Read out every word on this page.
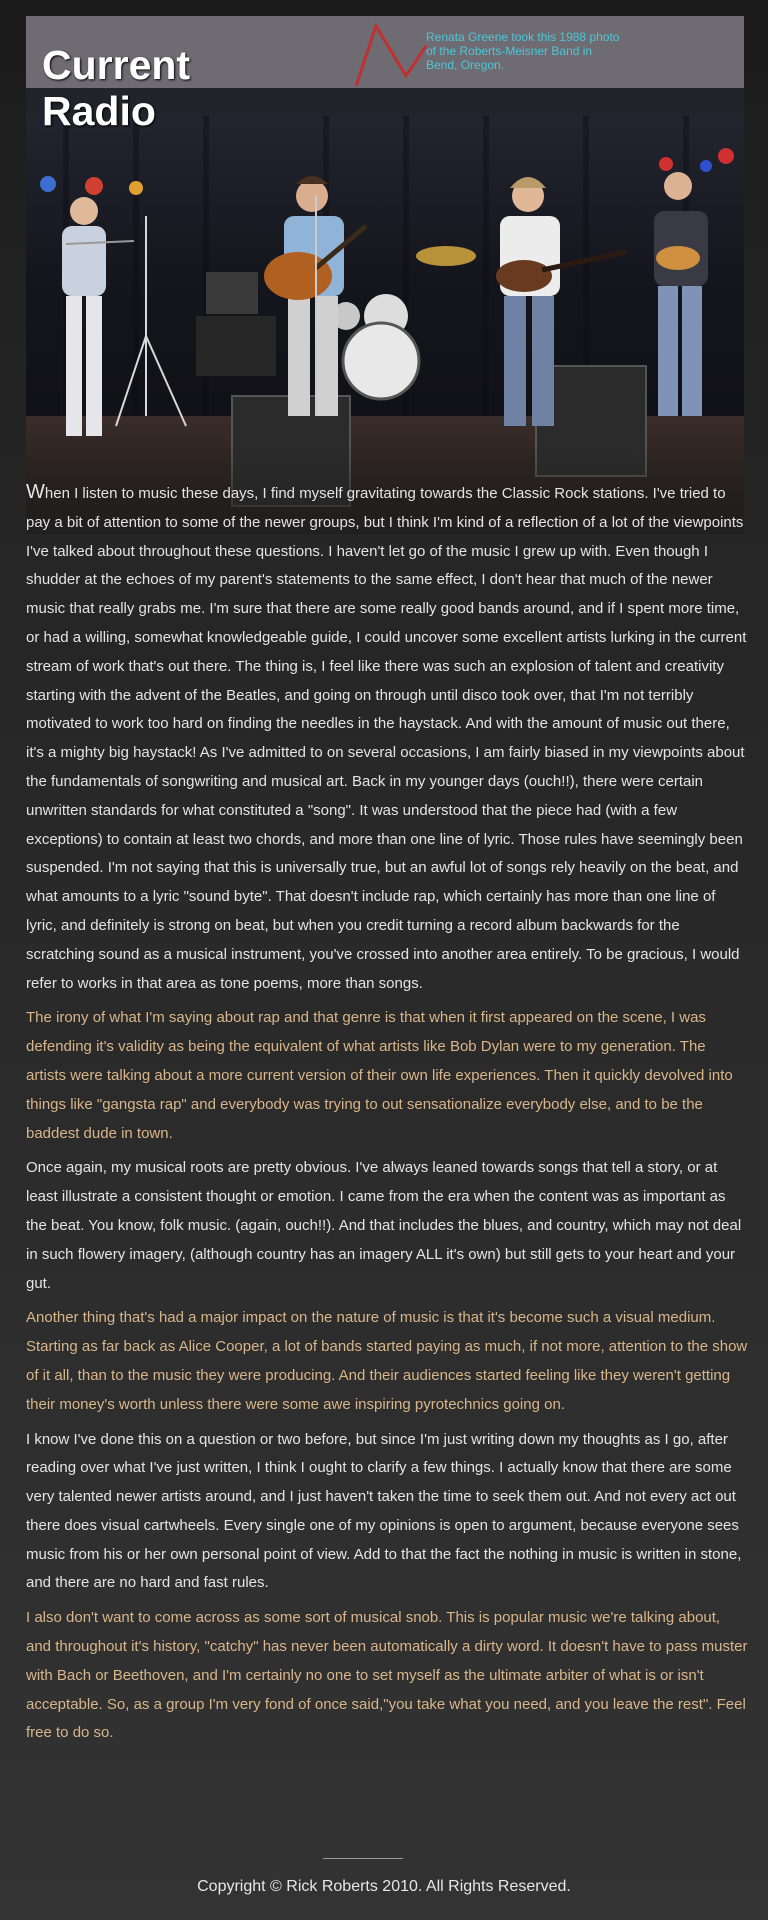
Current Radio

Renata Greene took this 1988 photo of the Roberts-Meisner Band in Bend, Oregon.

When I listen to music these days, I find myself gravitating towards the Classic Rock stations. I've tried to pay a bit of attention to some of the newer groups, but I think I'm kind of a reflection of a lot of the viewpoints I've talked about throughout these questions. I haven't let go of the music I grew up with. Even though I shudder at the echoes of my parent's statements to the same effect, I don't hear that much of the newer music that really grabs me. I'm sure that there are some really good bands around, and if I spent more time, or had a willing, somewhat knowledgeable guide, I could uncover some excellent artists lurking in the current stream of work that's out there. The thing is, I feel like there was such an explosion of talent and creativity starting with the advent of the Beatles, and going on through until disco took over, that I'm not terribly motivated to work too hard on finding the needles in the haystack. And with the amount of music out there, it's a mighty big haystack! As I've admitted to on several occasions, I am fairly biased in my viewpoints about the fundamentals of songwriting and musical art. Back in my younger days (ouch!!), there were certain unwritten standards for what constituted a "song". It was understood that the piece had (with a few exceptions) to contain at least two chords, and more than one line of lyric. Those rules have seemingly been suspended. I'm not saying that this is universally true, but an awful lot of songs rely heavily on the beat, and what amounts to a lyric "sound byte". That doesn't include rap, which certainly has more than one line of lyric, and definitely is strong on beat, but when you credit turning a record album backwards for the scratching sound as a musical instrument, you've crossed into another area entirely. To be gracious, I would refer to works in that area as tone poems, more than songs.

The irony of what I'm saying about rap and that genre is that when it first appeared on the scene, I was defending it's validity as being the equivalent of what artists like Bob Dylan were to my generation. The artists were talking about a more current version of their own life experiences. Then it quickly devolved into things like "gangsta rap" and everybody was trying to out sensationalize everybody else, and to be the baddest dude in town.

Once again, my musical roots are pretty obvious. I've always leaned towards songs that tell a story, or at least illustrate a consistent thought or emotion. I came from the era when the content was as important as the beat. You know, folk music. (again, ouch!!). And that includes the blues, and country, which may not deal in such flowery imagery, (although country has an imagery ALL it's own) but still gets to your heart and your gut.

Another thing that's had a major impact on the nature of music is that it's become such a visual medium. Starting as far back as Alice Cooper, a lot of bands started paying as much, if not more, attention to the show of it all, than to the music they were producing. And their audiences started feeling like they weren't getting their money's worth unless there were some awe inspiring pyrotechnics going on.

I know I've done this on a question or two before, but since I'm just writing down my thoughts as I go, after reading over what I've just written, I think I ought to clarify a few things. I actually know that there are some very talented newer artists around, and I just haven't taken the time to seek them out. And not every act out there does visual cartwheels. Every single one of my opinions is open to argument, because everyone sees music from his or her own personal point of view. Add to that the fact the nothing in music is written in stone, and there are no hard and fast rules.

I also don't want to come across as some sort of musical snob. This is popular music we're talking about, and throughout it's history, "catchy" has never been automatically a dirty word. It doesn't have to pass muster with Bach or Beethoven, and I'm certainly no one to set myself as the ultimate arbiter of what is or isn't acceptable. So, as a group I'm very fond of once said,"you take what you need, and you leave the rest". Feel free to do so.

Copyright © Rick Roberts 2010. All Rights Reserved.
